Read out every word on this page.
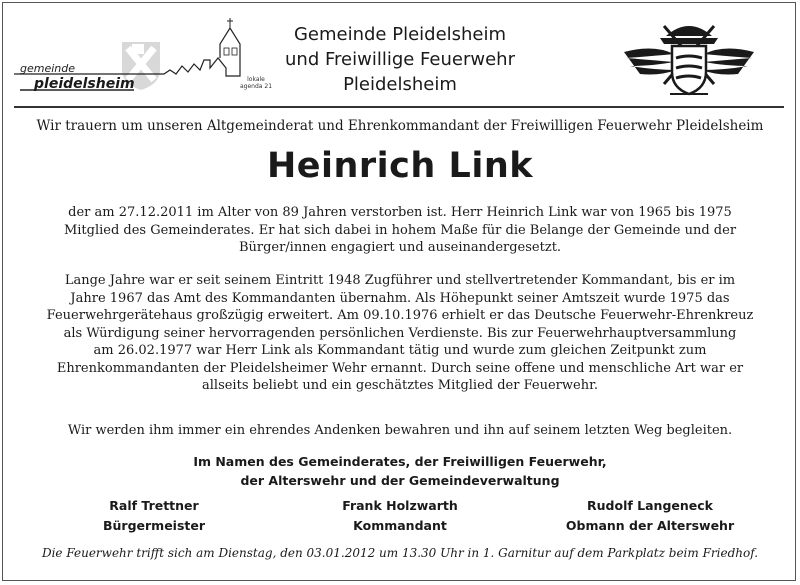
gemeinde
pleidelsheim	lokale
agenda 21
Gemeinde Pleidelsheim
und Freiwillige Feuerwehr
Pleidelsheim
Wir trauern um unseren Altgemeinderat und Ehrenkommandant der Freiwilligen Feuerwehr Pleidelsheim
Heinrich Link
der am 27.12.2011 im Alter von 89 Jahren verstorben ist. Herr Heinrich Link war von 1965 bis 1975
Mitglied des Gemeinderates. Er hat sich dabei in hohem Maße für die Belange der Gemeinde und der
Bürger/innen engagiert und auseinandergesetzt.
Lange Jahre war er seit seinem Eintritt 1948 Zugführer und stellvertretender Kommandant, bis er im
Jahre 1967 das Amt des Kommandanten übernahm. Als Höhepunkt seiner Amtszeit wurde 1975 das
Feuerwehrgerätehaus großzügig erweitert. Am 09.10.1976 erhielt er das Deutsche Feuerwehr-Ehrenkreuz
als Würdigung seiner hervorragenden persönlichen Verdienste. Bis zur Feuerwehrhauptversammlung
am 26.02.1977 war Herr Link als Kommandant tätig und wurde zum gleichen Zeitpunkt zum
Ehrenkommandanten der Pleidelsheimer Wehr ernannt. Durch seine offene und menschliche Art war er
allseits beliebt und ein geschätztes Mitglied der Feuerwehr.
Wir werden ihm immer ein ehrendes Andenken bewahren und ihn auf seinem letzten Weg begleiten.
Im Namen des Gemeinderates, der Freiwilligen Feuerwehr,
der Alterswehr und der Gemeindeverwaltung
Ralf Trettner
Bürgermeister
Frank Holzwarth
Kommandant
Rudolf Langeneck
Obmann der Alterswehr
Die Feuerwehr trifft sich am Dienstag, den 03.01.2012 um 13.30 Uhr in 1. Garnitur auf dem Parkplatz beim Friedhof.
